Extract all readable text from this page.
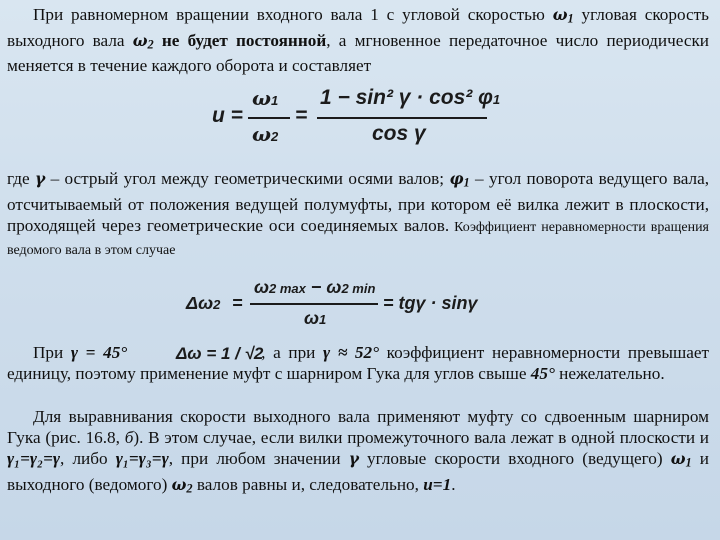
При равномерном вращении входного вала 1 с угловой скоростью $\omega_1$ угловая скорость выходного вала $\omega_2$ не будет постоянной, а мгновенное передаточное число периодически меняется в течение каждого оборота и составляет

u =
ω1
ω2
=
1 − sin² γ · cos² φ1
cos γ

где γ – острый угол между геометрическими осями валов; $\varphi_1$ – угол поворота ведущего вала, отсчитываемый от положения ведущей полумуфты, при котором её вилка лежит в плоскости, проходящей через геометрические оси соединяемых валов. Коэффициент неравномерности вращения ведомого вала в этом случае

Δω2 =
ω2 max − ω2 min
ω1
= tgγ · sinγ

При γ = 45°	, а при γ ≈ 52° коэффициент неравномерности превышает единицу, поэтому применение муфт с шарниром Гука для углов свыше 45° нежелательно.

Δω = 1 / √2

Для выравнивания скорости выходного вала применяют муфту со сдвоенным шарниром Гука (рис. 16.8, б). В этом случае, если вилки промежуточного вала лежат в одной плоскости и γ₁=γ₂=γ, либо γ₁=γ₃=γ, при любом значении γ угловые скорости входного (ведущего) $\omega_1$ и выходного (ведомого) $\omega_2$ валов равны и, следовательно, u=1.
